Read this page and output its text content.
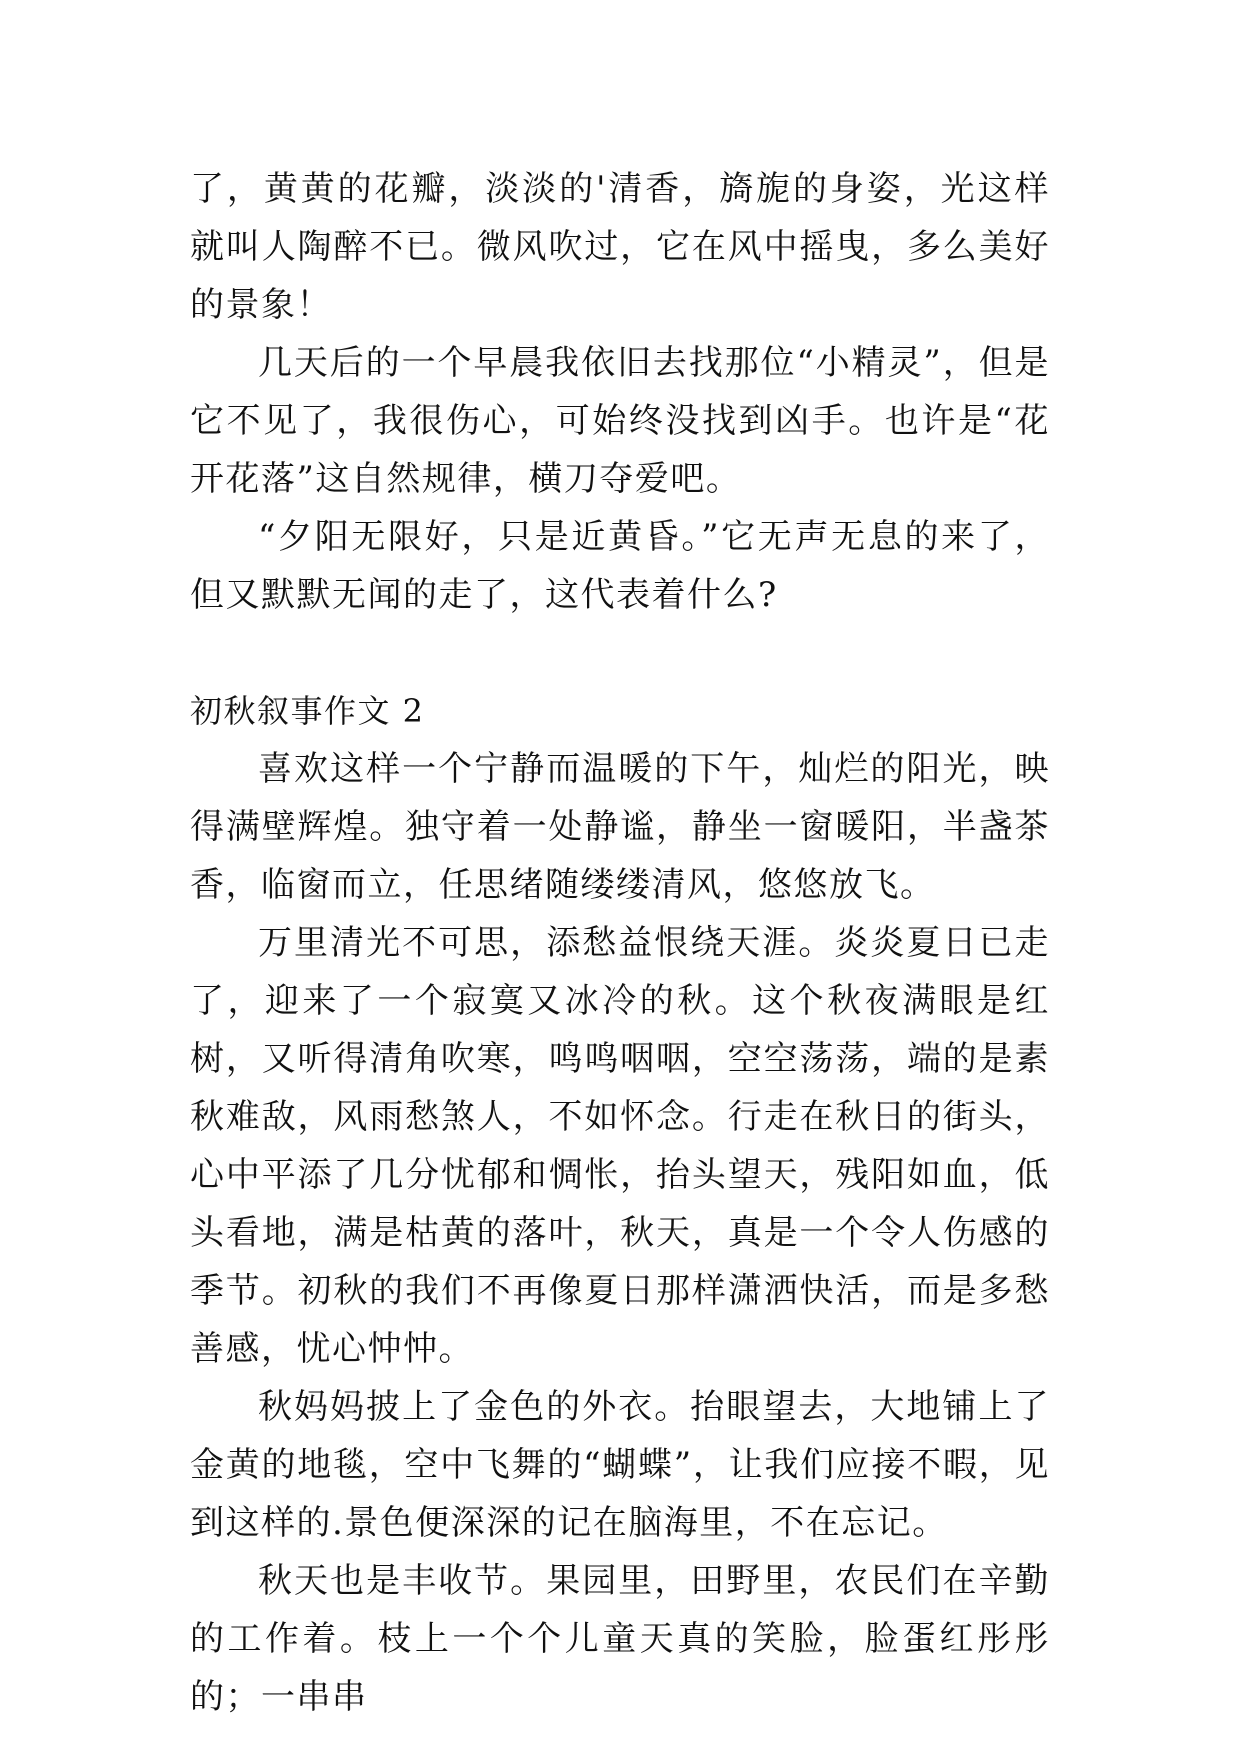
了，黄黄的花瓣，淡淡的'清香，旖旎的身姿，光这样就叫人陶醉不已。微风吹过，它在风中摇曳，多么美好的景象！

几天后的一个早晨我依旧去找那位“小精灵”，但是它不见了，我很伤心，可始终没找到凶手。也许是“花开花落”这自然规律，横刀夺爱吧。

“夕阳无限好，只是近黄昏。”它无声无息的来了，但又默默无闻的走了，这代表着什么?

初秋叙事作文 2

喜欢这样一个宁静而温暖的下午，灿烂的阳光，映得满壁辉煌。独守着一处静谧，静坐一窗暖阳，半盏茶香，临窗而立，任思绪随缕缕清风，悠悠放飞。

万里清光不可思，添愁益恨绕天涯。炎炎夏日已走了，迎来了一个寂寞又冰冷的秋。这个秋夜满眼是红树，又听得清角吹寒，鸣鸣咽咽，空空荡荡，端的是素秋难敌，风雨愁煞人，不如怀念。行走在秋日的街头，心中平添了几分忧郁和惆怅，抬头望天，残阳如血，低头看地，满是枯黄的落叶，秋天，真是一个令人伤感的季节。初秋的我们不再像夏日那样潇洒快活，而是多愁善感，忧心忡忡。

秋妈妈披上了金色的外衣。抬眼望去，大地铺上了金黄的地毯，空中飞舞的“蝴蝶”，让我们应接不暇，见到这样的.景色便深深的记在脑海里，不在忘记。

秋天也是丰收节。果园里，田野里，农民们在辛勤的工作着。枝上一个个儿童天真的笑脸，脸蛋红彤彤的；一串串
